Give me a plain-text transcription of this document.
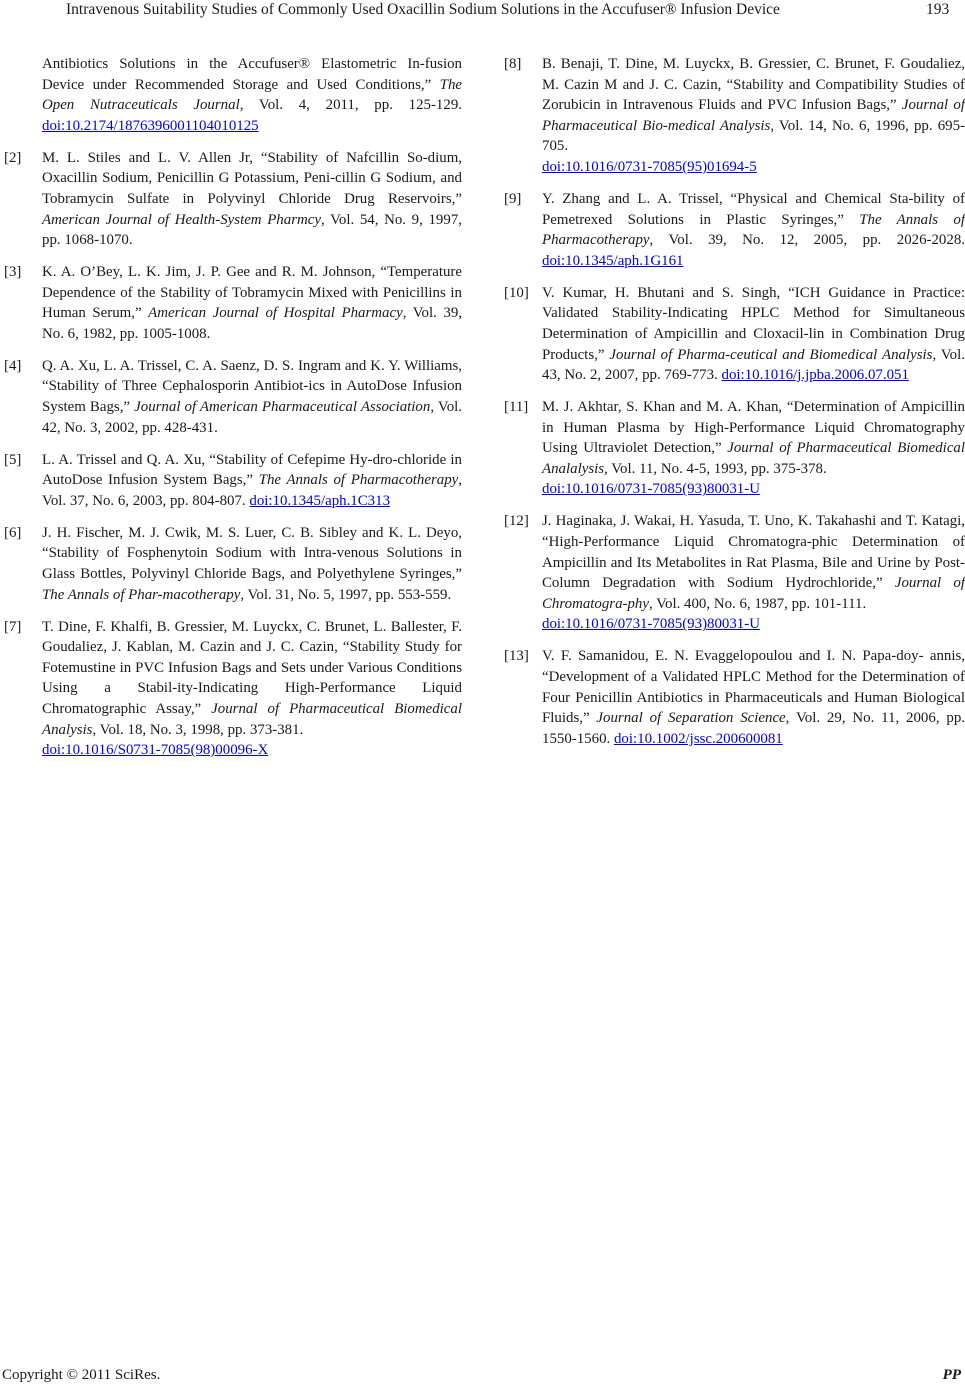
Intravenous Suitability Studies of Commonly Used Oxacillin Sodium Solutions in the Accufuser® Infusion Device	193
Antibiotics Solutions in the Accufuser® Elastometric In-fusion Device under Recommended Storage and Used Conditions,” The Open Nutraceuticals Journal, Vol. 4, 2011, pp. 125-129. doi:10.2174/1876396001104010125
[2] M. L. Stiles and L. V. Allen Jr, “Stability of Nafcillin So-dium, Oxacillin Sodium, Penicillin G Potassium, Peni-cillin G Sodium, and Tobramycin Sulfate in Polyvinyl Chloride Drug Reservoirs,” American Journal of Health-System Pharmcy, Vol. 54, No. 9, 1997, pp. 1068-1070.
[3] K. A. O’Bey, L. K. Jim, J. P. Gee and R. M. Johnson, “Temperature Dependence of the Stability of Tobramycin Mixed with Penicillins in Human Serum,” American Journal of Hospital Pharmacy, Vol. 39, No. 6, 1982, pp. 1005-1008.
[4] Q. A. Xu, L. A. Trissel, C. A. Saenz, D. S. Ingram and K. Y. Williams, “Stability of Three Cephalosporin Antibiot-ics in AutoDose Infusion System Bags,” Journal of American Pharmaceutical Association, Vol. 42, No. 3, 2002, pp. 428-431.
[5] L. A. Trissel and Q. A. Xu, “Stability of Cefepime Hy-dro-chloride in AutoDose Infusion System Bags,” The Annals of Pharmacotherapy, Vol. 37, No. 6, 2003, pp. 804-807. doi:10.1345/aph.1C313
[6] J. H. Fischer, M. J. Cwik, M. S. Luer, C. B. Sibley and K. L. Deyo, “Stability of Fosphenytoin Sodium with Intra-venous Solutions in Glass Bottles, Polyvinyl Chloride Bags, and Polyethylene Syringes,” The Annals of Phar-macotherapy, Vol. 31, No. 5, 1997, pp. 553-559.
[7] T. Dine, F. Khalfi, B. Gressier, M. Luyckx, C. Brunet, L. Ballester, F. Goudaliez, J. Kablan, M. Cazin and J. C. Cazin, “Stability Study for Fotemustine in PVC Infusion Bags and Sets under Various Conditions Using a Stabil-ity-Indicating High-Performance Liquid Chromatographic Assay,” Journal of Pharmaceutical Biomedical Analysis, Vol. 18, No. 3, 1998, pp. 373-381.
doi:10.1016/S0731-7085(98)00096-X
[8] B. Benaji, T. Dine, M. Luyckx, B. Gressier, C. Brunet, F. Goudaliez, M. Cazin M and J. C. Cazin, “Stability and Compatibility Studies of Zorubicin in Intravenous Fluids and PVC Infusion Bags,” Journal of Pharmaceutical Bio-medical Analysis, Vol. 14, No. 6, 1996, pp. 695-705.
doi:10.1016/0731-7085(95)01694-5
[9] Y. Zhang and L. A. Trissel, “Physical and Chemical Sta-bility of Pemetrexed Solutions in Plastic Syringes,” The Annals of Pharmacotherapy, Vol. 39, No. 12, 2005, pp. 2026-2028. doi:10.1345/aph.1G161
[10] V. Kumar, H. Bhutani and S. Singh, “ICH Guidance in Practice: Validated Stability-Indicating HPLC Method for Simultaneous Determination of Ampicillin and Cloxacil-lin in Combination Drug Products,” Journal of Pharma-ceutical and Biomedical Analysis, Vol. 43, No. 2, 2007, pp. 769-773. doi:10.1016/j.jpba.2006.07.051
[11] M. J. Akhtar, S. Khan and M. A. Khan, “Determination of Ampicillin in Human Plasma by High-Performance Liquid Chromatography Using Ultraviolet Detection,” Journal of Pharmaceutical Biomedical Analalysis, Vol. 11, No. 4-5, 1993, pp. 375-378.
doi:10.1016/0731-7085(93)80031-U
[12] J. Haginaka, J. Wakai, H. Yasuda, T. Uno, K. Takahashi and T. Katagi, “High-Performance Liquid Chromatogra-phic Determination of Ampicillin and Its Metabolites in Rat Plasma, Bile and Urine by Post-Column Degradation with Sodium Hydrochloride,” Journal of Chromatogra-phy, Vol. 400, No. 6, 1987, pp. 101-111.
doi:10.1016/0731-7085(93)80031-U
[13] V. F. Samanidou, E. N. Evaggelopoulou and I. N. Papa-doy- annis, “Development of a Validated HPLC Method for the Determination of Four Penicillin Antibiotics in Pharmaceuticals and Human Biological Fluids,” Journal of Separation Science, Vol. 29, No. 11, 2006, pp. 1550-1560. doi:10.1002/jssc.200600081
Copyright © 2011 SciRes.	PP
